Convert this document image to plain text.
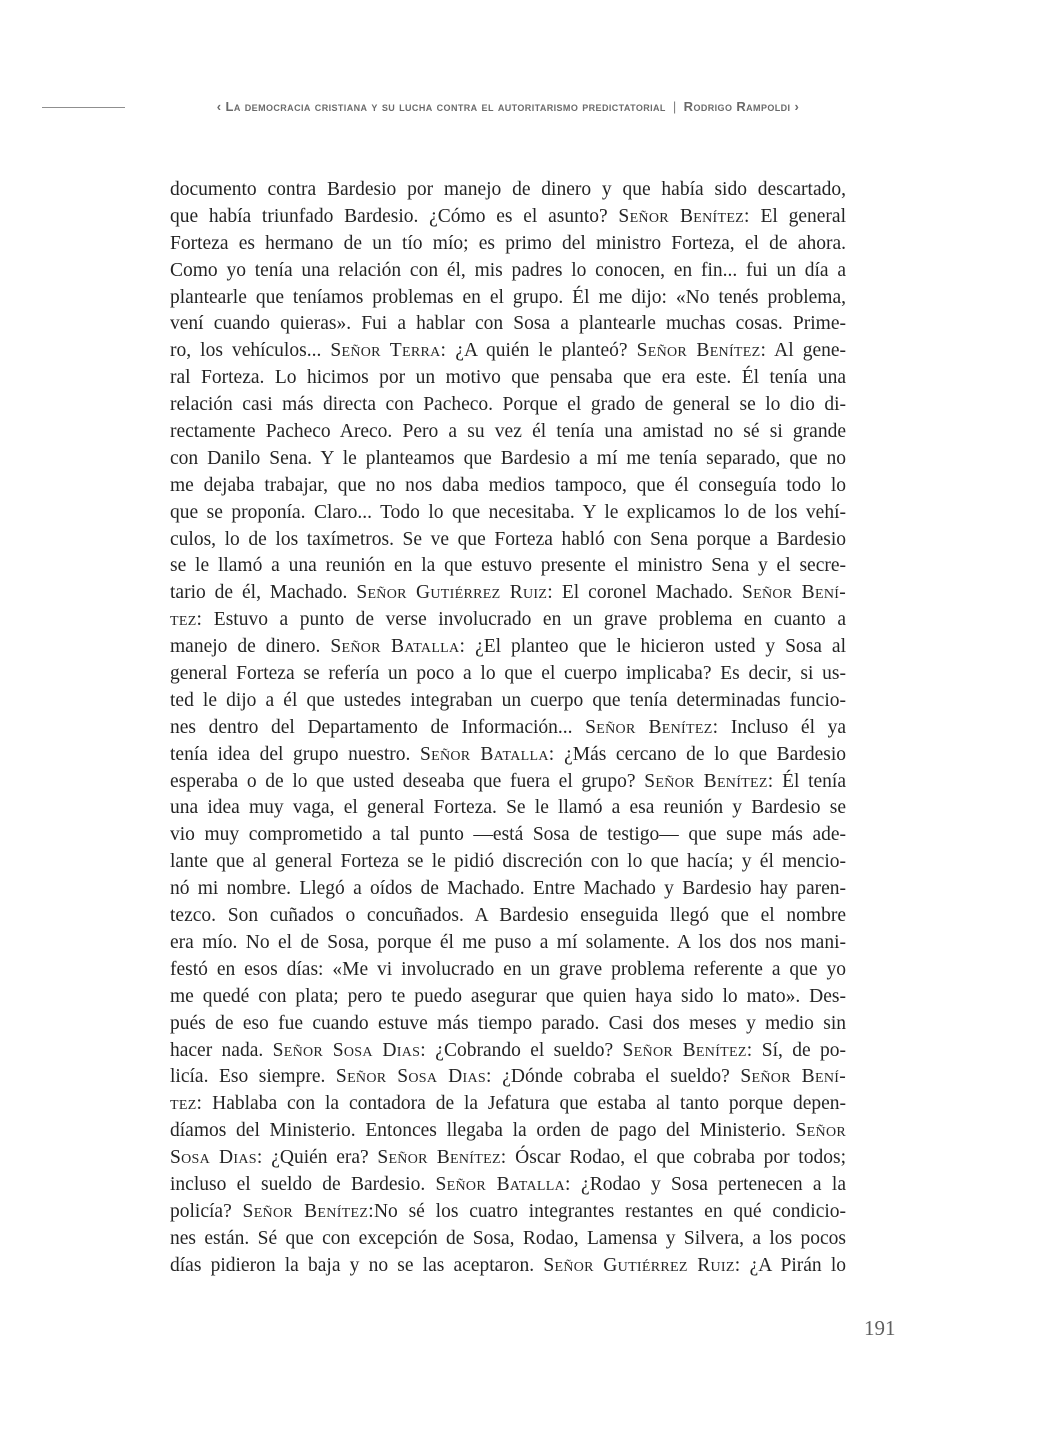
‹ La democracia cristiana y su lucha contra el autoritarismo predictatorial | Rodrigo Rampoldi ›
documento contra Bardesio por manejo de dinero y que había sido descartado,
que había triunfado Bardesio. ¿Cómo es el asunto? Señor Benítez: El general
Forteza es hermano de un tío mío; es primo del ministro Forteza, el de ahora.
Como yo tenía una relación con él, mis padres lo conocen, en fin... fui un día a
plantearle que teníamos problemas en el grupo. Él me dijo: «No tenés problema,
vení cuando quieras». Fui a hablar con Sosa a plantearle muchas cosas. Prime-
ro, los vehículos... Señor Terra: ¿A quién le planteó? Señor Benítez: Al gene-
ral Forteza. Lo hicimos por un motivo que pensaba que era este. Él tenía una
relación casi más directa con Pacheco. Porque el grado de general se lo dio di-
rectamente Pacheco Areco. Pero a su vez él tenía una amistad no sé si grande
con Danilo Sena. Y le planteamos que Bardesio a mí me tenía separado, que no
me dejaba trabajar, que no nos daba medios tampoco, que él conseguía todo lo
que se proponía. Claro... Todo lo que necesitaba. Y le explicamos lo de los vehí-
culos, lo de los taxímetros. Se ve que Forteza habló con Sena porque a Bardesio
se le llamó a una reunión en la que estuvo presente el ministro Sena y el secre-
tario de él, Machado. Señor Gutiérrez Ruiz: El coronel Machado. Señor Bení-
tez: Estuvo a punto de verse involucrado en un grave problema en cuanto a
manejo de dinero. Señor Batalla: ¿El planteo que le hicieron usted y Sosa al
general Forteza se refería un poco a lo que el cuerpo implicaba? Es decir, si us-
ted le dijo a él que ustedes integraban un cuerpo que tenía determinadas funcio-
nes dentro del Departamento de Información... Señor Benítez: Incluso él ya
tenía idea del grupo nuestro. Señor Batalla: ¿Más cercano de lo que Bardesio
esperaba o de lo que usted deseaba que fuera el grupo? Señor Benítez: Él tenía
una idea muy vaga, el general Forteza. Se le llamó a esa reunión y Bardesio se
vio muy comprometido a tal punto —está Sosa de testigo— que supe más ade-
lante que al general Forteza se le pidió discreción con lo que hacía; y él mencio-
nó mi nombre. Llegó a oídos de Machado. Entre Machado y Bardesio hay paren-
tezco. Son cuñados o concuñados. A Bardesio enseguida llegó que el nombre
era mío. No el de Sosa, porque él me puso a mí solamente. A los dos nos mani-
festó en esos días: «Me vi involucrado en un grave problema referente a que yo
me quedé con plata; pero te puedo asegurar que quien haya sido lo mato». Des-
pués de eso fue cuando estuve más tiempo parado. Casi dos meses y medio sin
hacer nada. Señor Sosa Dias: ¿Cobrando el sueldo? Señor Benítez: Sí, de po-
licía. Eso siempre. Señor Sosa Dias: ¿Dónde cobraba el sueldo? Señor Bení-
tez: Hablaba con la contadora de la Jefatura que estaba al tanto porque depen-
díamos del Ministerio. Entonces llegaba la orden de pago del Ministerio. Señor
Sosa Dias: ¿Quién era? Señor Benítez: Óscar Rodao, el que cobraba por todos;
incluso el sueldo de Bardesio. Señor Batalla: ¿Rodao y Sosa pertenecen a la
policía? Señor Benítez:No sé los cuatro integrantes restantes en qué condicio-
nes están. Sé que con excepción de Sosa, Rodao, Lamensa y Silvera, a los pocos
días pidieron la baja y no se las aceptaron. Señor Gutiérrez Ruiz: ¿A Pirán lo
191
